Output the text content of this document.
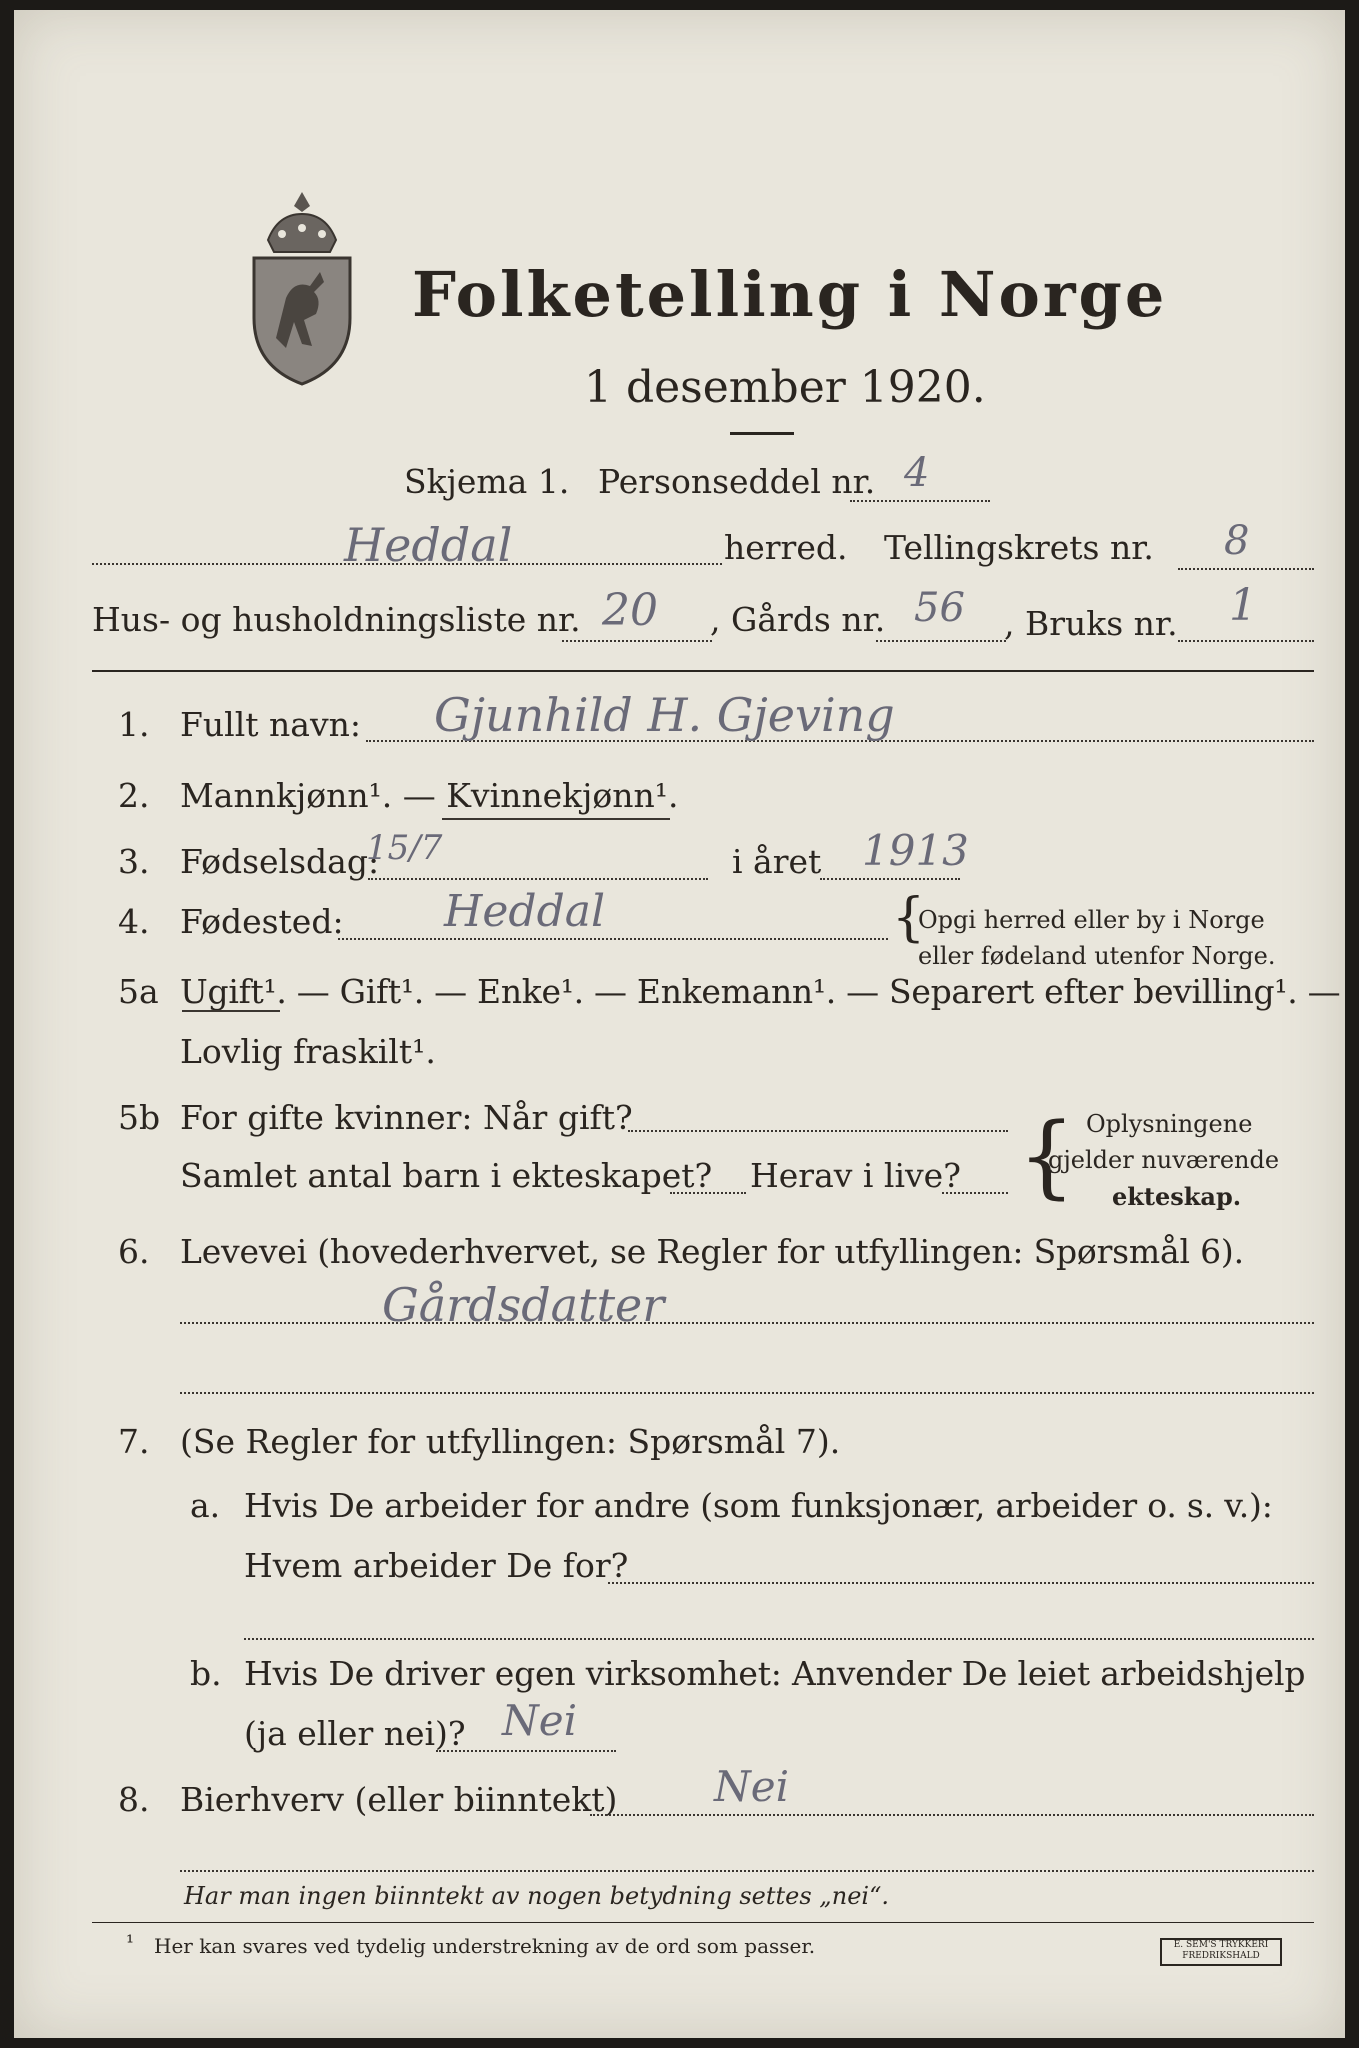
Folketelling i Norge
1 desember 1920.
Skjema 1. Personseddel nr. 4
Heddal	herred. Tellingskrets nr. 8
Hus- og husholdningsliste nr. 20 , Gårds nr. 56 , Bruks nr. 1
1. Fullt navn: Gjunhild H. Gjeving
2. Mannkjønn¹. — Kvinnekjønn¹.
3. Fødselsdag:
15/7	i året 1913
4. Fødested: Heddal	{
Opgi herred eller by i Norge
eller fødeland utenfor Norge.
5a Ugift¹. — Gift¹. — Enke¹. — Enkemann¹. — Separert efter bevilling¹. —
Lovlig fraskilt¹.
5b For gifte kvinner: Når gift?
Samlet antal barn i ekteskapet? Herav i live? { Oplysningene
gjelder nuværende
ekteskap.
6. Levevei (hovederhvervet, se Regler for utfyllingen: Spørsmål 6).
Gårdsdatter
7. (Se Regler for utfyllingen: Spørsmål 7).
a. Hvis De arbeider for andre (som funksjonær, arbeider o. s. v.):
Hvem arbeider De for?
b. Hvis De driver egen virksomhet: Anvender De leiet arbeidshjelp
(ja eller nei)? Nei
8. Bierhverv (eller biinntekt) Nei
Har man ingen biinntekt av nogen betydning settes „nei“.
¹ Her kan svares ved tydelig understrekning av de ord som passer.	E. SEM'S TRYKKERI FREDRIKSHALD
